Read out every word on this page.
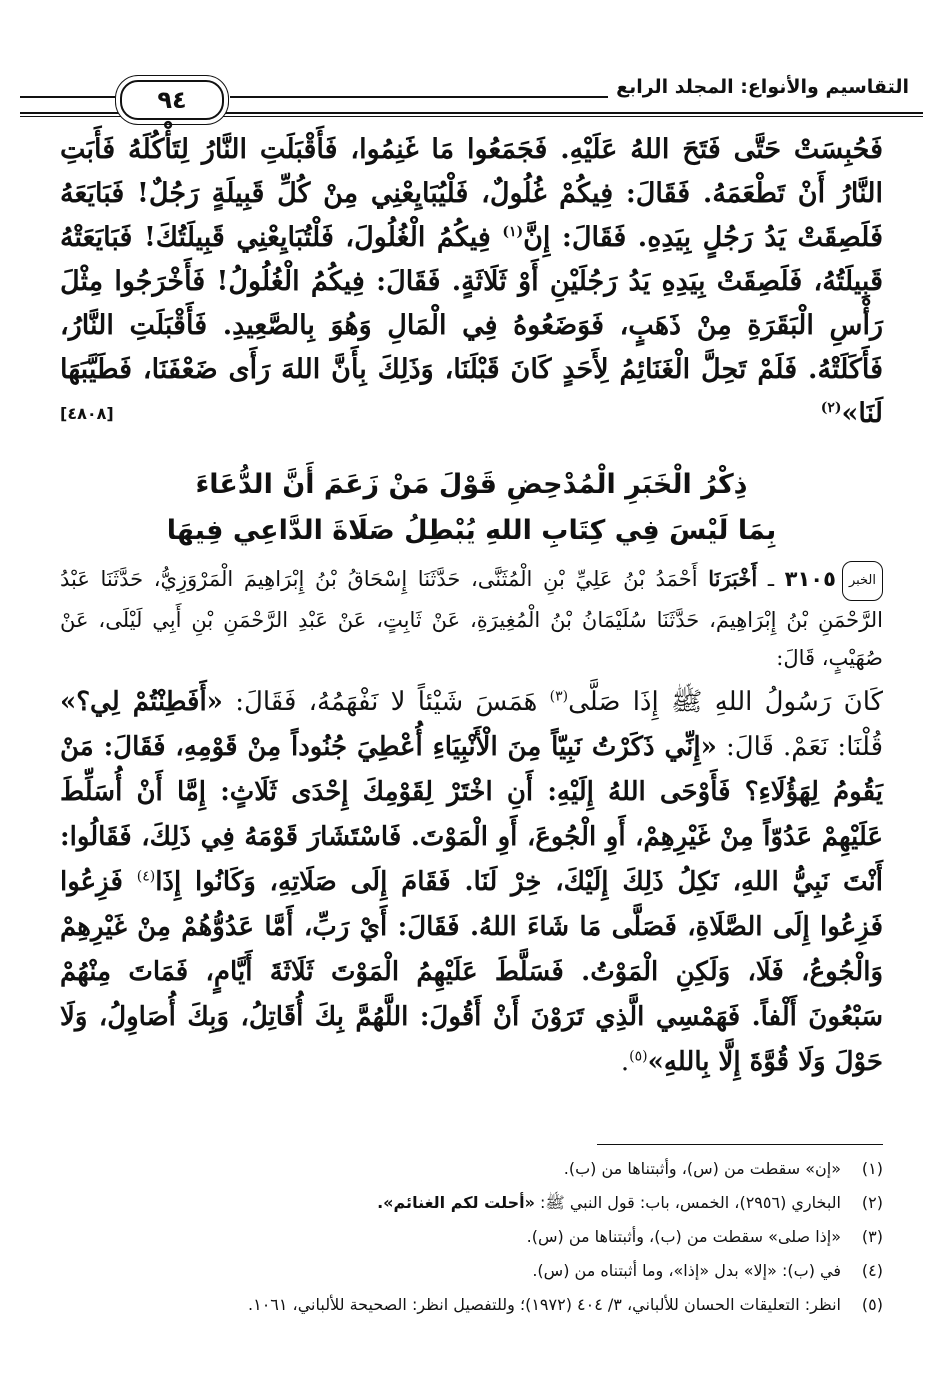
التقاسيم والأنواع: المجلد الرابع
٩٤
فَحُبِسَتْ حَتَّى فَتَحَ اللهُ عَلَيْهِ. فَجَمَعُوا مَا غَنِمُوا، فَأَقْبَلَتِ النَّارُ لِتَأْكُلَهُ فَأَبَتِ النَّارُ أَنْ تَطْعَمَهُ. فَقَالَ: فِيكُمْ غُلُولٌ، فَلْيُبَايِعْنِي مِنْ كُلِّ قَبِيلَةٍ رَجُلٌ! فَبَايَعَهُ فَلَصِقَتْ يَدُ رَجُلٍ بِيَدِهِ. فَقَالَ: إِنَّ$^{(١)}$ فِيكُمُ الْغُلُولَ، فَلْتُبَايِعْنِي قَبِيلَتُكَ! فَبَايَعَتْهُ قَبِيلَتُهُ، فَلَصِقَتْ بِيَدِهِ يَدُ رَجُلَيْنِ أَوْ ثَلَاثَةٍ. فَقَالَ: فِيكُمُ الْغُلُولُ! فَأَخْرَجُوا مِثْلَ رَأْسِ الْبَقَرَةِ مِنْ ذَهَبٍ، فَوَضَعُوهُ فِي الْمَالِ وَهُوَ بِالصَّعِيدِ. فَأَقْبَلَتِ النَّارُ، فَأَكَلَتْهُ. فَلَمْ تَحِلَّ الْغَنَائِمُ لِأَحَدٍ كَانَ قَبْلَنَا، وَذَلِكَ بِأَنَّ اللهَ رَأَى ضَعْفَنَا، فَطَيَّبَهَا لَنَا»$^{(٢)}$
[٤٨٠٨]
ذِكْرُ الْخَبَرِ الْمُدْحِضِ قَوْلَ مَنْ زَعَمَ أَنَّ الدُّعَاءَ
بِمَا لَيْسَ فِي كِتَابِ اللهِ يُبْطِلُ صَلَاةَ الدَّاعِي فِيهَا
الخبر٣١٠٥ ـ أَخْبَرَنَا أَحْمَدُ بْنُ عَلِيِّ بْنِ الْمُثَنَّى، حَدَّثَنَا إِسْحَاقُ بْنُ إِبْرَاهِيمَ الْمَرْوَزِيُّ، حَدَّثَنَا عَبْدُ الرَّحْمَنِ بْنُ إِبْرَاهِيمَ، حَدَّثَنَا سُلَيْمَانُ بْنُ الْمُغِيرَةِ، عَنْ ثَابِتٍ، عَنْ عَبْدِ الرَّحْمَنِ بْنِ أَبِي لَيْلَى، عَنْ صُهَيْبٍ، قَالَ:
كَانَ رَسُولُ اللهِ ﷺ إِذَا صَلَّى$^{(٣)}$ هَمَسَ شَيْئاً لا نَفْهَمُهُ، فَقَالَ: «أَفَطِنْتُمْ لِي؟» قُلْنَا: نَعَمْ. قَالَ: «إِنِّي ذَكَرْتُ نَبِيّاً مِنَ الْأَنْبِيَاءِ أُعْطِيَ جُنُوداً مِنْ قَوْمِهِ، فَقَالَ: مَنْ يَقُومُ لِهَؤُلَاءِ؟ فَأَوْحَى اللهُ إِلَيْهِ: أَنِ اخْتَرْ لِقَوْمِكَ إِحْدَى ثَلَاثٍ: إِمَّا أَنْ أُسَلِّطَ عَلَيْهِمْ عَدُوّاً مِنْ غَيْرِهِمْ، أَوِ الْجُوعَ، أَوِ الْمَوْتَ. فَاسْتَشَارَ قَوْمَهُ فِي ذَلِكَ، فَقَالُوا: أَنْتَ نَبِيُّ اللهِ، نَكِلُ ذَلِكَ إِلَيْكَ، خِرْ لَنَا. فَقَامَ إِلَى صَلَاتِهِ، وَكَانُوا إِذَا$^{(٤)}$ فَزِعُوا فَزِعُوا إِلَى الصَّلَاةِ، فَصَلَّى مَا شَاءَ اللهُ. فَقَالَ: أَيْ رَبِّ، أَمَّا عَدُوُّهُمْ مِنْ غَيْرِهِمْ وَالْجُوعُ، فَلَا، وَلَكِنِ الْمَوْتُ. فَسَلَّطَ عَلَيْهِمُ الْمَوْتَ ثَلَاثَةَ أَيَّامٍ، فَمَاتَ مِنْهُمْ سَبْعُونَ أَلْفاً. فَهَمْسِي الَّذِي تَرَوْنَ أَنْ أَقُولَ: اللَّهُمَّ بِكَ أُقَاتِلُ، وَبِكَ أُصَاوِلُ، وَلَا حَوْلَ وَلَا قُوَّةَ إِلَّا بِاللهِ»$^{(٥)}$.
(١)
«إن» سقطت من (س)، وأثبتناها من (ب).
(٢)
البخاري (٢٩٥٦)، الخمس، باب: قول النبي ﷺ: «أحلت لكم الغنائم».
(٣)
«إذا صلى» سقطت من (ب)، وأثبتناها من (س).
(٤)
في (ب): «إلا» بدل «إذا»، وما أثبتناه من (س).
(٥)
انظر: التعليقات الحسان للألباني، ٣/ ٤٠٤ (١٩٧٢)؛ وللتفصيل انظر: الصحيحة للألباني، ١٠٦١.
